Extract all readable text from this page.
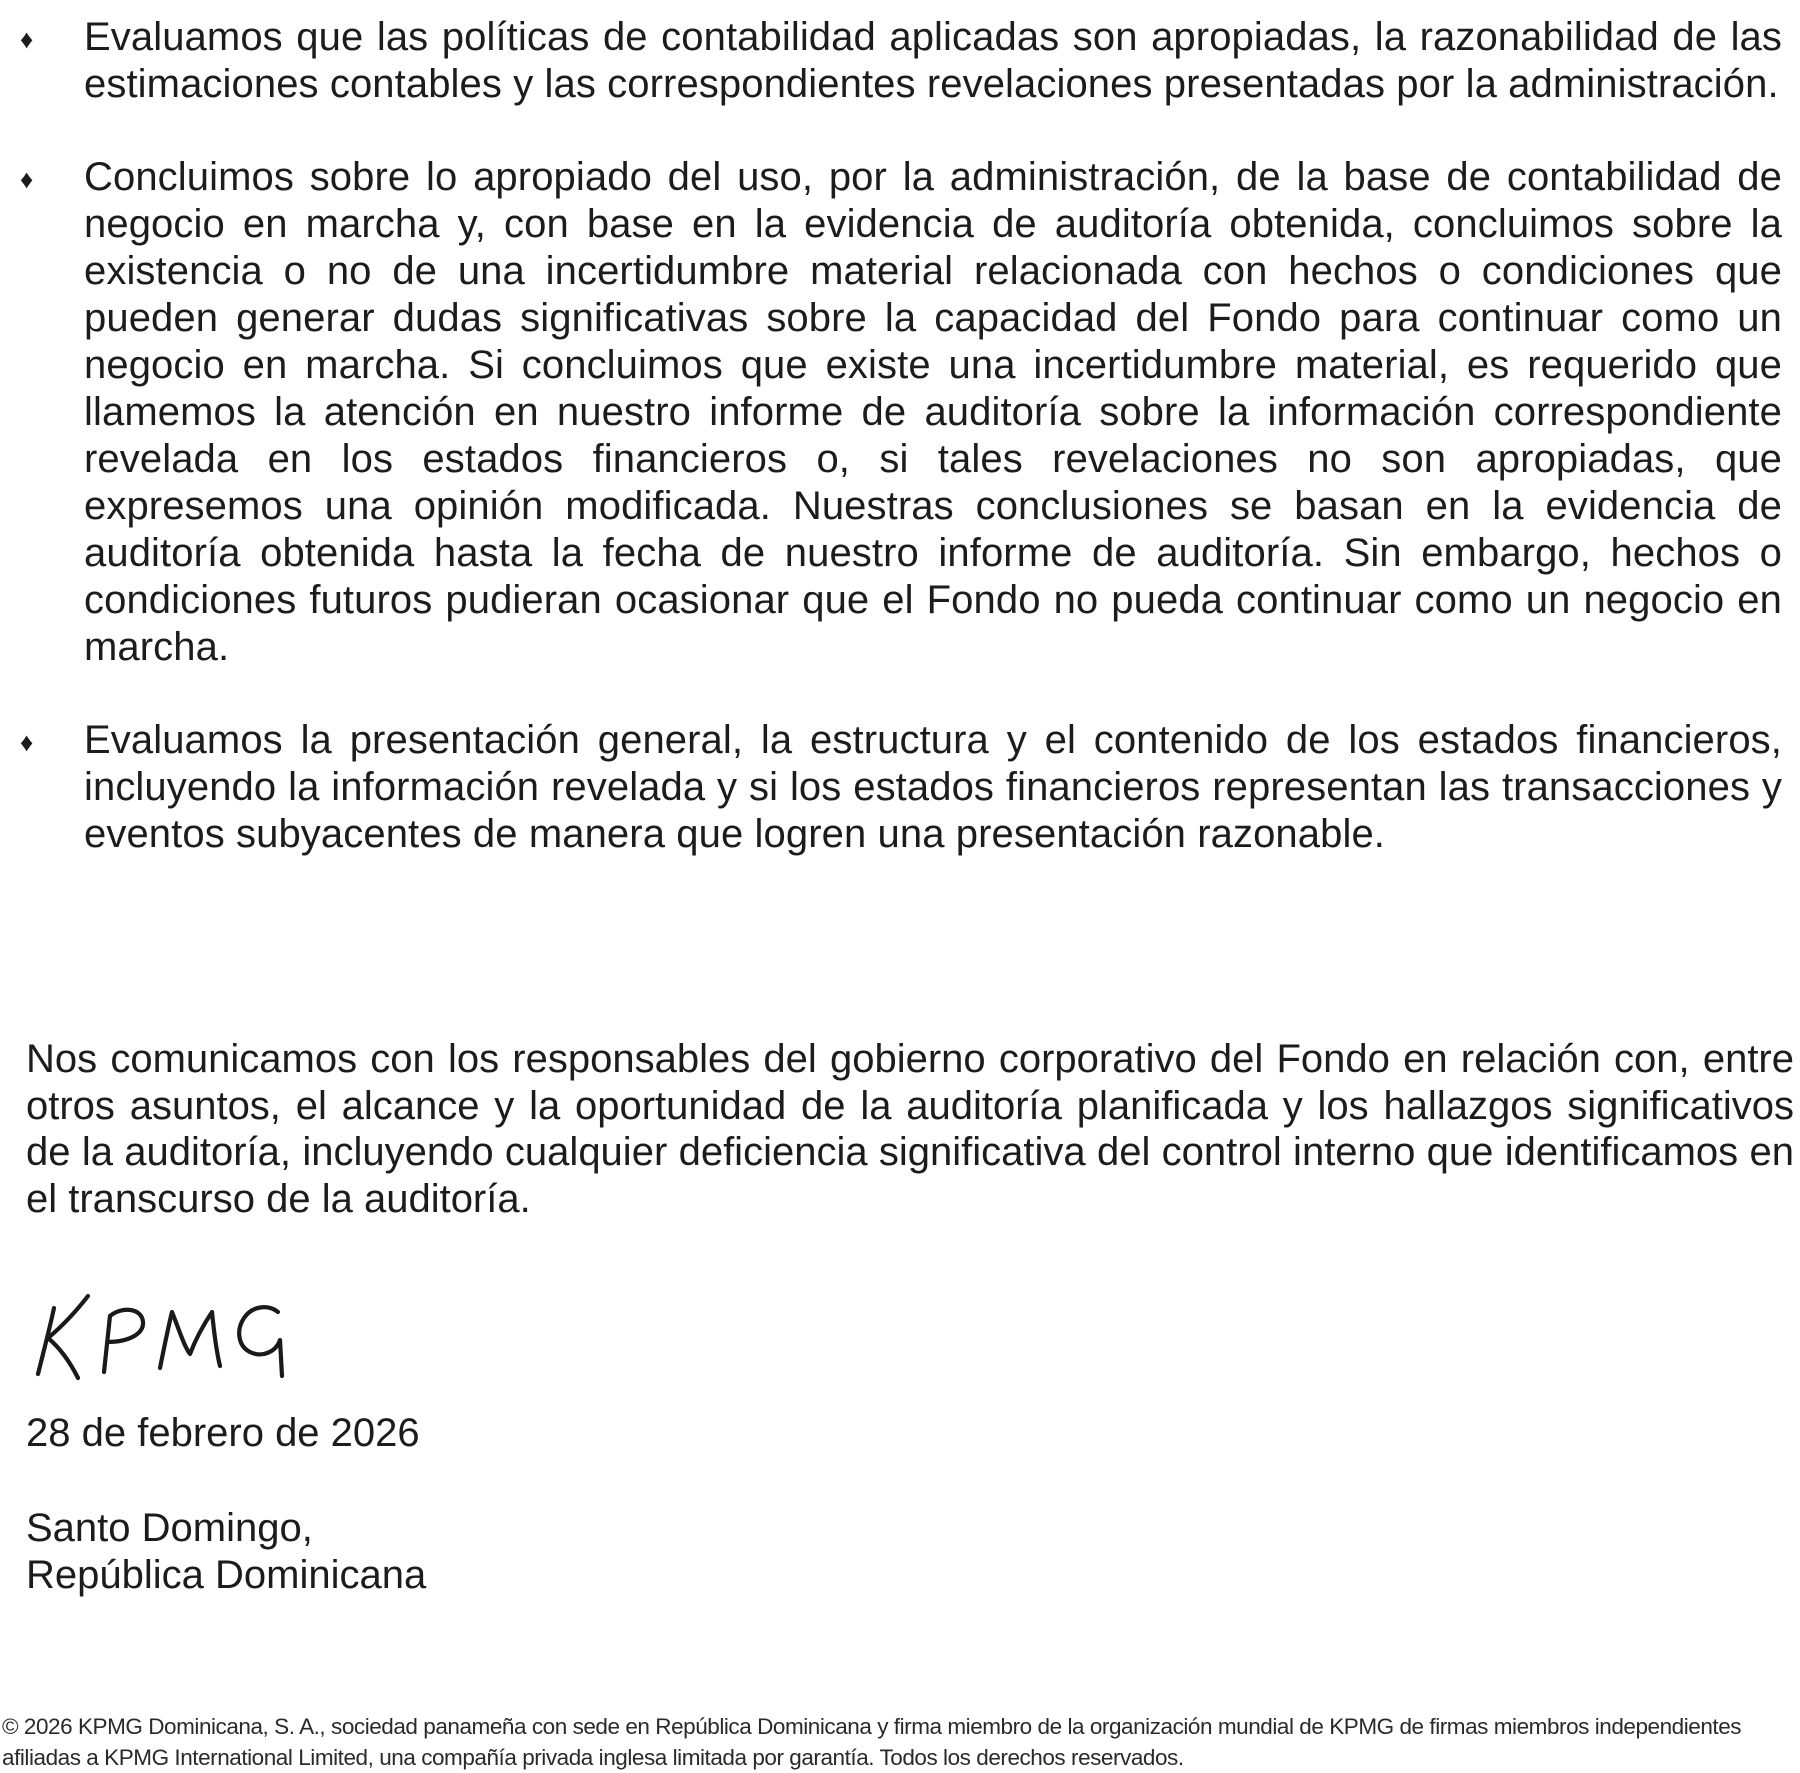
♦ Evaluamos que las políticas de contabilidad aplicadas son apropiadas, la razonabilidad de las estimaciones contables y las correspondientes revelaciones presentadas por la administración.

♦ Concluimos sobre lo apropiado del uso, por la administración, de la base de contabilidad de negocio en marcha y, con base en la evidencia de auditoría obtenida, concluimos sobre la existencia o no de una incertidumbre material relacionada con hechos o condiciones que pueden generar dudas significativas sobre la capacidad del Fondo para continuar como un negocio en marcha. Si concluimos que existe una incertidumbre material, es requerido que llamemos la atención en nuestro informe de auditoría sobre la información correspondiente revelada en los estados financieros o, si tales revelaciones no son apropiadas, que expresemos una opinión modificada. Nuestras conclusiones se basan en la evidencia de auditoría obtenida hasta la fecha de nuestro informe de auditoría. Sin embargo, hechos o condiciones futuros pudieran ocasionar que el Fondo no pueda continuar como un negocio en marcha.

♦ Evaluamos la presentación general, la estructura y el contenido de los estados financieros, incluyendo la información revelada y si los estados financieros representan las transacciones y eventos subyacentes de manera que logren una presentación razonable.

Nos comunicamos con los responsables del gobierno corporativo del Fondo en relación con, entre otros asuntos, el alcance y la oportunidad de la auditoría planificada y los hallazgos significativos de la auditoría, incluyendo cualquier deficiencia significativa del control interno que identificamos en el transcurso de la auditoría.

28 de febrero de 2026

Santo Domingo,
República Dominicana

© 2026 KPMG Dominicana, S. A., sociedad panameña con sede en República Dominicana y firma miembro de la organización mundial de KPMG de firmas miembros independientes afiliadas a KPMG International Limited, una compañía privada inglesa limitada por garantía. Todos los derechos reservados.
